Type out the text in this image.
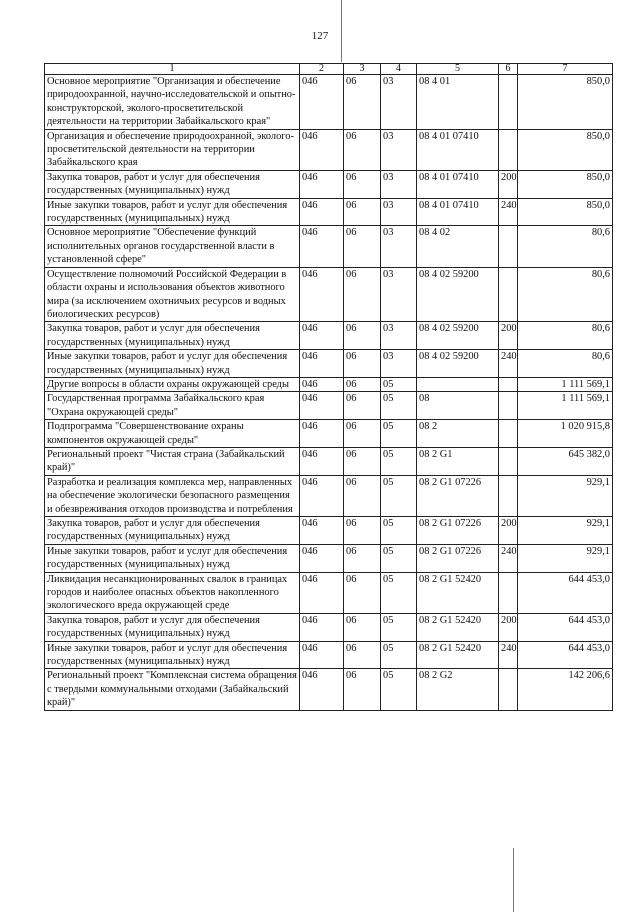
127
1	2	3	4	5	6	7
Основное мероприятие "Организация и обеспечение природоохранной, научно-исследовательской и опытно-конструкторской, эколого-просветительской деятельности на территории Забайкальского края"	046	06	03	08 4 01		850,0
Организация и обеспечение природоохранной, эколого-просветительской деятельности на территории Забайкальского края	046	06	03	08 4 01 07410		850,0
Закупка товаров, работ и услуг для обеспечения государственных (муниципальных) нужд	046	06	03	08 4 01 07410	200	850,0
Иные закупки товаров, работ и услуг для обеспечения государственных (муниципальных) нужд	046	06	03	08 4 01 07410	240	850,0
Основное мероприятие "Обеспечение функций исполнительных органов государственной власти в установленной сфере"	046	06	03	08 4 02		80,6
Осуществление полномочий Российской Федерации в области охраны и использования объектов животного мира (за исключением охотничьих ресурсов и водных биологических ресурсов)	046	06	03	08 4 02 59200		80,6
Закупка товаров, работ и услуг для обеспечения государственных (муниципальных) нужд	046	06	03	08 4 02 59200	200	80,6
Иные закупки товаров, работ и услуг для обеспечения государственных (муниципальных) нужд	046	06	03	08 4 02 59200	240	80,6
Другие вопросы в области охраны окружающей среды	046	06	05			1 111 569,1
Государственная программа Забайкальского края "Охрана окружающей среды"	046	06	05	08		1 111 569,1
Подпрограмма "Совершенствование охраны компонентов окружающей среды"	046	06	05	08 2		1 020 915,8
Региональный проект "Чистая страна (Забайкальский край)"	046	06	05	08 2 G1		645 382,0
Разработка и реализация комплекса мер, направленных на обеспечение экологически безопасного размещения и обезвреживания отходов производства и потребления	046	06	05	08 2 G1 07226		929,1
Закупка товаров, работ и услуг для обеспечения государственных (муниципальных) нужд	046	06	05	08 2 G1 07226	200	929,1
Иные закупки товаров, работ и услуг для обеспечения государственных (муниципальных) нужд	046	06	05	08 2 G1 07226	240	929,1
Ликвидация несанкционированных свалок в границах городов и наиболее опасных объектов накопленного экологического вреда окружающей среде	046	06	05	08 2 G1 52420		644 453,0
Закупка товаров, работ и услуг для обеспечения государственных (муниципальных) нужд	046	06	05	08 2 G1 52420	200	644 453,0
Иные закупки товаров, работ и услуг для обеспечения государственных (муниципальных) нужд	046	06	05	08 2 G1 52420	240	644 453,0
Региональный проект "Комплексная система обращения с твердыми коммунальными отходами (Забайкальский край)"	046	06	05	08 2 G2		142 206,6
